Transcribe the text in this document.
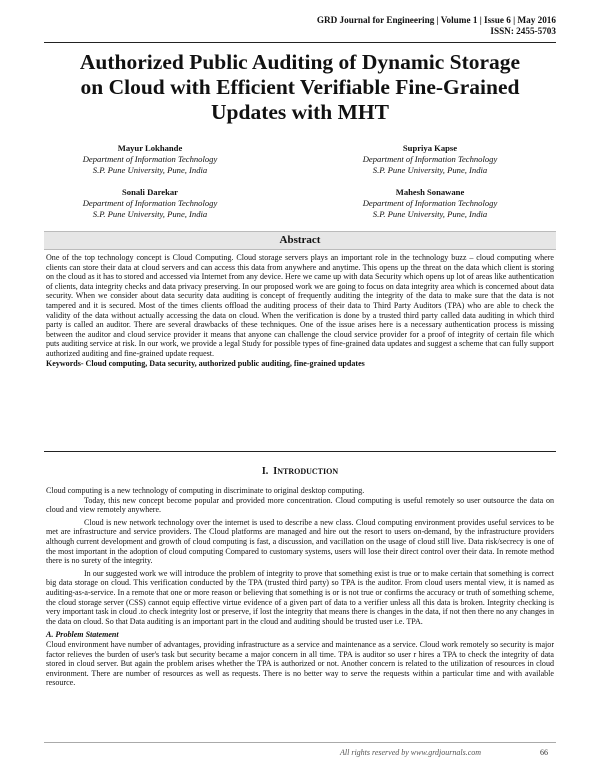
GRD Journal for Engineering | Volume 1 | Issue 6 | May 2016
ISSN: 2455-5703
Authorized Public Auditing of Dynamic Storage
on Cloud with Efficient Verifiable Fine-Grained
Updates with MHT
Mayur Lokhande
Department of Information Technology
S.P. Pune University, Pune, India
Supriya Kapse
Department of Information Technology
S.P. Pune University, Pune, India
Sonali Darekar
Department of Information Technology
S.P. Pune University, Pune, India
Mahesh Sonawane
Department of Information Technology
S.P. Pune University, Pune, India
Abstract

One of the top technology concept is Cloud Computing. Cloud storage servers plays an important role in the technology buzz – cloud computing where clients can store their data at cloud servers and can access this data from anywhere and anytime. This opens up the threat on the data which client is storing on the cloud as it has to stored and accessed via Internet from any device. Here we came up with data Security which opens up lot of areas like authentication of clients, data integrity checks and data privacy preserving. In our proposed work we are going to focus on data integrity area which is concerned about data security. When we consider about data security data auditing is concept of frequently auditing the integrity of the data to make sure that the data is not tampered and it is secured. Most of the times clients offload the auditing process of their data to Third Party Auditors (TPA) who are able to check the validity of the data without actually accessing the data on cloud. When the verification is done by a trusted third party called data auditing in which third party is called an auditor. There are several drawbacks of these techniques. One of the issue arises here is a necessary authentication process is missing between the auditor and cloud service provider it means that anyone can challenge the cloud service provider for a proof of integrity of certain file which puts auditing service at risk. In our work, we provide a legal Study for possible types of fine-grained data updates and suggest a scheme that can fully support authorized auditing and fine-grained update request.

Keywords- Cloud computing, Data security, authorized public auditing, fine-grained updates

I. INTRODUCTION

Cloud computing is a new technology of computing in discriminate to original desktop computing.

Today, this new concept become popular and provided more concentration. Cloud computing is useful remotely so user outsource the data on cloud and view remotely anywhere.

Cloud is new network technology over the internet is used to describe a new class. Cloud computing environment provides useful services to be met are infrastructure and service providers. The Cloud platforms are managed and hire out the resort to users on-demand, by the infrastructure providers although current development and growth of cloud computing is fast, a discussion, and vacillation on the usage of cloud still live. Data risk/secrecy is one of the most important in the adoption of cloud computing Compared to customary systems, users will lose their direct control over their data. In remote method there is no surety of the integrity.

In our suggested work we will introduce the problem of integrity to prove that something exist is true or to make certain that something is correct big data storage on cloud. This verification conducted by the TPA (trusted third party) so TPA is the auditor. From cloud users mental view, it is named as auditing-as-a-service. In a remote that one or more reason or believing that something is or is not true or confirms the accuracy or truth of something scheme, the cloud storage server (CSS) cannot equip effective virtue evidence of a given part of data to a verifier unless all this data is broken. Integrity checking is very important task in cloud .to check integrity lost or preserve, if lost the integrity that means there is changes in the data, if not then there no any changes in the data on cloud. So that Data auditing is an important part in the cloud and auditing should be trusted user i.e. TPA.

A. Problem Statement

Cloud environment have number of advantages, providing infrastructure as a service and maintenance as a service. Cloud work remotely so security is major factor relieves the burden of user's task but security became a major concern in all time. TPA is auditor so user r hires a TPA to check the integrity of data stored in cloud server. But again the problem arises whether the TPA is authorized or not. Another concern is related to the utilization of resources in cloud environment. There are number of resources as well as requests. There is no better way to serve the requests within a particular time and with available resource.

All rights reserved by www.grdjournals.com	66
